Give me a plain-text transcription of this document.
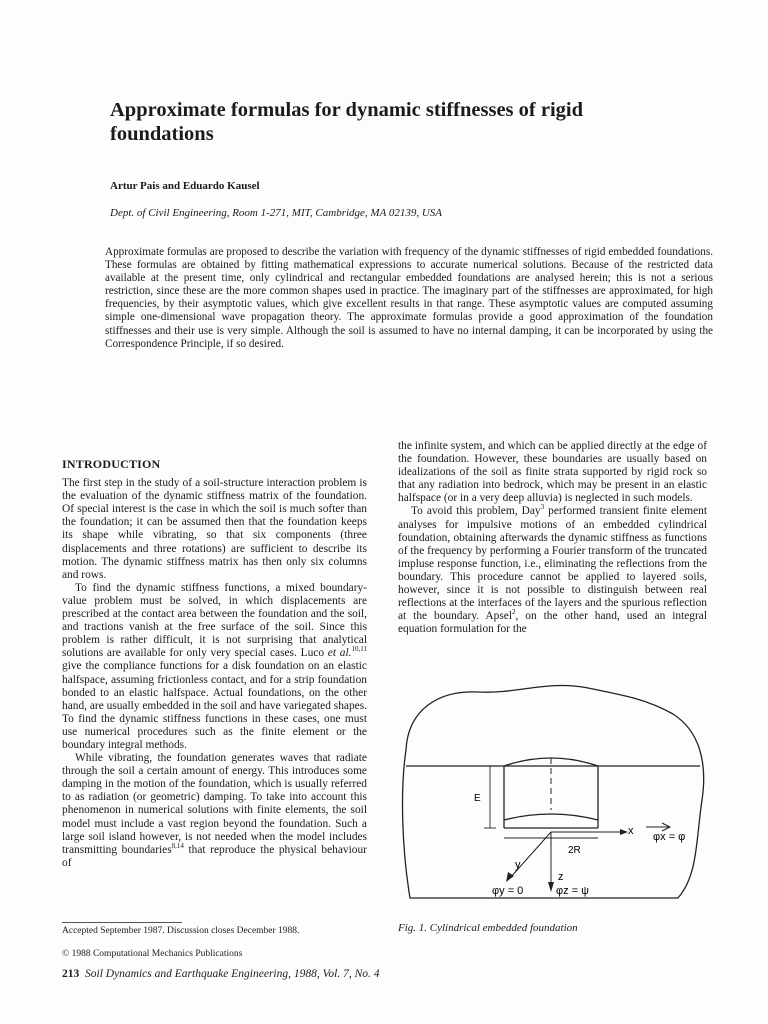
Approximate formulas for dynamic stiffnesses of rigid foundations
Artur Pais and Eduardo Kausel
Dept. of Civil Engineering, Room 1-271, MIT, Cambridge, MA 02139, USA
Approximate formulas are proposed to describe the variation with frequency of the dynamic stiffnesses of rigid embedded foundations. These formulas are obtained by fitting mathematical expressions to accurate numerical solutions. Because of the restricted data available at the present time, only cylindrical and rectangular embedded foundations are analysed herein; this is not a serious restriction, since these are the more common shapes used in practice. The imaginary part of the stiffnesses are approximated, for high frequencies, by their asymptotic values, which give excellent results in that range. These asymptotic values are computed assuming simple one-dimensional wave propagation theory. The approximate formulas provide a good approximation of the foundation stiffnesses and their use is very simple. Although the soil is assumed to have no internal damping, it can be incorporated by using the Correspondence Principle, if so desired.
INTRODUCTION

The first step in the study of a soil-structure interaction problem is the evaluation of the dynamic stiffness matrix of the foundation. Of special interest is the case in which the soil is much softer than the foundation; it can be assumed then that the foundation keeps its shape while vibrating, so that six components (three displacements and three rotations) are sufficient to describe its motion. The dynamic stiffness matrix has then only six columns and rows.

To find the dynamic stiffness functions, a mixed boundary-value problem must be solved, in which displacements are prescribed at the contact area between the foundation and the soil, and tractions vanish at the free surface of the soil. Since this problem is rather difficult, it is not surprising that analytical solutions are available for only very special cases. Luco et al.$^{10,11}$ give the compliance functions for a disk foundation on an elastic halfspace, assuming frictionless contact, and for a strip foundation bonded to an elastic halfspace. Actual foundations, on the other hand, are usually embedded in the soil and have variegated shapes. To find the dynamic stiffness functions in these cases, one must use numerical procedures such as the finite element or the boundary integral methods.

While vibrating, the foundation generates waves that radiate through the soil a certain amount of energy. This introduces some damping in the motion of the foundation, which is usually referred to as radiation (or geometric) damping. To take into account this phenomenon in numerical solutions with finite elements, the soil model must include a vast region beyond the foundation. Such a large soil island however, is not needed when the model includes transmitting boundaries$^{8,14}$ that reproduce the physical behaviour of

the infinite system, and which can be applied directly at the edge of the foundation. However, these boundaries are usually based on idealizations of the soil as finite strata supported by rigid rock so that any radiation into bedrock, which may be present in an elastic halfspace (or in a very deep alluvia) is neglected in such models.

To avoid this problem, Day$^3$ performed transient finite element analyses for impulsive motions of an embedded cylindrical foundation, obtaining afterwards the dynamic stiffness as functions of the frequency by performing a Fourier transform of the truncated impluse response function, i.e., eliminating the reflections from the boundary. This procedure cannot be applied to layered soils, however, since it is not possible to distinguish between real reflections at the interfaces of the layers and the spurious reflection at the boundary. Apsel$^2$, on the other hand, used an integral equation formulation for the

E
x φx = φ
2R
y
z
φy = 0	φz = ψ
Fig. 1. Cylindrical embedded foundation
Accepted September 1987. Discussion closes December 1988.
© 1988 Computational Mechanics Publications
213 Soil Dynamics and Earthquake Engineering, 1988, Vol. 7, No. 4
